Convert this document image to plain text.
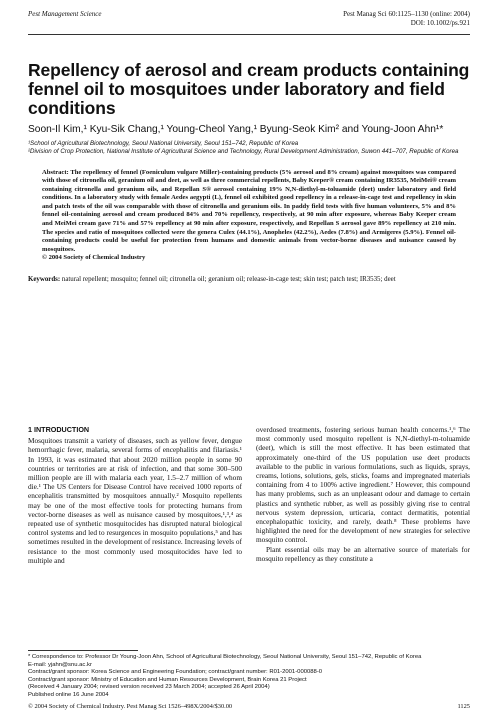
Pest Management Science	Pest Manag Sci 60:1125–1130 (online: 2004)
DOI: 10.1002/ps.921
Repellency of aerosol and cream products containing fennel oil to mosquitoes under laboratory and field conditions
Soon-Il Kim,¹ Kyu-Sik Chang,¹ Young-Cheol Yang,¹ Byung-Seok Kim² and Young-Joon Ahn¹*
¹School of Agricultural Biotechnology, Seoul National University, Seoul 151–742, Republic of Korea
²Division of Crop Protection, National Institute of Agricultural Science and Technology, Rural Development Administration, Suwon 441–707, Republic of Korea
Abstract: The repellency of fennel (Foeniculum vulgare Miller)-containing products (5% aerosol and 8% cream) against mosquitoes was compared with those of citronella oil, geranium oil and deet, as well as three commercial repellents, Baby Keeper® cream containing IR3535, MeiMei® cream containing citronella and geranium oils, and Repellan S® aerosol containing 19% N,N-diethyl-m-toluamide (deet) under laboratory and field conditions. In a laboratory study with female Aedes aegypti (L), fennel oil exhibited good repellency in a release-in-cage test and repellency in skin and patch tests of the oil was comparable with those of citronella and geranium oils. In paddy field tests with five human volunteers, 5% and 8% fennel oil-containing aerosol and cream produced 84% and 70% repellency, respectively, at 90 min after exposure, whereas Baby Keeper cream and MeiMei cream gave 71% and 57% repellency at 90 min after exposure, respectively, and Repellan S aerosol gave 89% repellency at 210 min. The species and ratio of mosquitoes collected were the genera Culex (44.1%), Anopheles (42.2%), Aedes (7.8%) and Armigeres (5.9%). Fennel oil-containing products could be useful for protection from humans and domestic animals from vector-borne diseases and nuisance caused by mosquitoes.
© 2004 Society of Chemical Industry
Keywords: natural repellent; mosquito; fennel oil; citronella oil; geranium oil; release-in-cage test; skin test; patch test; IR3535; deet
1 INTRODUCTION
Mosquitoes transmit a variety of diseases, such as yellow fever, dengue hemorrhagic fever, malaria, several forms of encephalitis and filariasis.¹ In 1993, it was estimated that about 2020 million people in some 90 countries or territories are at risk of infection, and that some 300–500 million people are ill with malaria each year, 1.5–2.7 million of whom die.¹ The US Centers for Disease Control have received 1000 reports of encephalitis transmitted by mosquitoes annually.² Mosquito repellents may be one of the most effective tools for protecting humans from vector-borne diseases as well as nuisance caused by mosquitoes,¹,³,⁴ as repeated use of synthetic mosquitocides has disrupted natural biological control systems and led to resurgences in mosquito populations,⁵ and has sometimes resulted in the development of resistance. Increasing levels of resistance to the most commonly used mosquitocides have led to multiple and
overdosed treatments, fostering serious human health concerns.¹,⁶ The most commonly used mosquito repellent is N,N-diethyl-m-toluamide (deet), which is still the most effective. It has been estimated that approximately one-third of the US population use deet products available to the public in various formulations, such as liquids, sprays, creams, lotions, solutions, gels, sticks, foams and impregnated materials containing from 4 to 100% active ingredient.⁷ However, this compound has many problems, such as an unpleasant odour and damage to certain plastics and synthetic rubber, as well as possibly giving rise to central nervous system depression, urticaria, contact dermatitis, potential encephalopathic toxicity, and rarely, death.⁸ These problems have highlighted the need for the development of new strategies for selective mosquito control.
Plant essential oils may be an alternative source of materials for mosquito repellency as they constitute a
* Correspondence to: Professor Dr Young-Joon Ahn, School of Agricultural Biotechnology, Seoul National University, Seoul 151–742, Republic of Korea
E-mail: yjahn@snu.ac.kr
Contract/grant sponsor: Korea Science and Engineering Foundation; contract/grant number: R01-2001-000088-0
Contract/grant sponsor: Ministry of Education and Human Resources Development, Brain Korea 21 Project
(Received 4 January 2004; revised version received 23 March 2004; accepted 26 April 2004)
Published online 16 June 2004
© 2004 Society of Chemical Industry. Pest Manag Sci 1526–498X/2004/$30.00	1125
